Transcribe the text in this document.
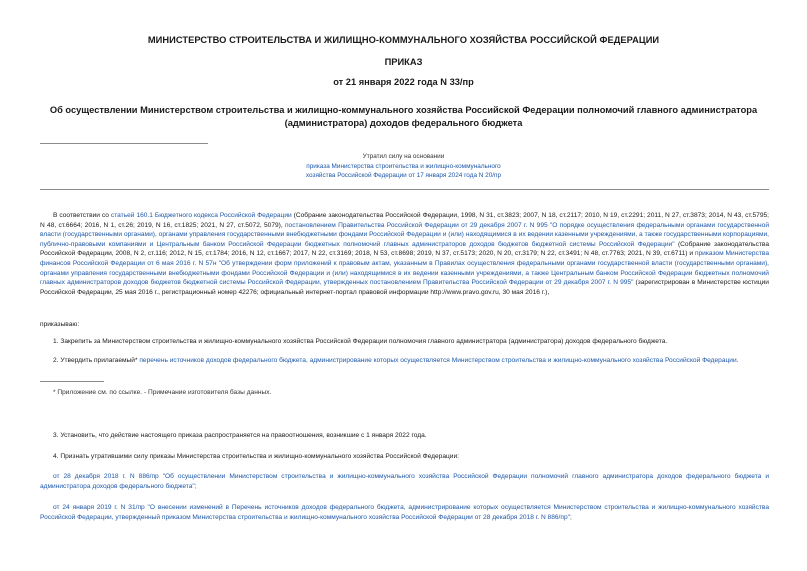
МИНИСТЕРСТВО СТРОИТЕЛЬСТВА И ЖИЛИЩНО-КОММУНАЛЬНОГО ХОЗЯЙСТВА РОССИЙСКОЙ ФЕДЕРАЦИИ
ПРИКАЗ
от 21 января 2022 года N 33/пр
Об осуществлении Министерством строительства и жилищно-коммунального хозяйства Российской Федерации полномочий главного администратора (администратора) доходов федерального бюджета
Утратил силу на основании
приказа Министерства строительства и жилищно-коммунального хозяйства Российской Федерации от 17 января 2024 года N 20/пр
В соответствии со статьей 160.1 Бюджетного кодекса Российской Федерации (Собрание законодательства Российской Федерации, 1998, N 31, ст.3823; 2007, N 18, ст.2117; 2010, N 19, ст.2291; 2011, N 27, ст.3873; 2014, N 43, ст.5795; N 48, ст.6664; 2016, N 1, ст.26; 2019, N 16, ст.1825; 2021, N 27, ст.5072, 5079), постановлением Правительства Российской Федерации от 29 декабря 2007 г. N 995 "О порядке осуществления федеральными органами государственной власти (государственными органами), органами управления государственными внебюджетными фондами Российской Федерации и (или) находящимися в их ведении казенными учреждениями, а также государственными корпорациями, публично-правовыми компаниями и Центральным банком Российской Федерации бюджетных полномочий главных администраторов доходов бюджетов бюджетной системы Российской Федерации" (Собрание законодательства Российской Федерации, 2008, N 2, ст.116; 2012, N 15, ст.1784; 2016, N 12, ст.1667; 2017, N 22, ст.3169; 2018, N 53, ст.8698; 2019, N 37, ст.5173; 2020, N 20, ст.3179; N 22, ст.3491; N 48, ст.7763; 2021, N 39, ст.6711) и приказом Министерства финансов Российской Федерации от 6 мая 2016 г. N 57н "Об утверждении форм приложений к правовым актам, указанным в Правилах осуществления федеральными органами государственной власти (государственными органами), органами управления государственными внебюджетными фондами Российской Федерации и (или) находящимися в их ведении казенными учреждениями, а также Центральным банком Российской Федерации бюджетных полномочий главных администраторов доходов бюджетов бюджетной системы Российской Федерации, утвержденных постановлением Правительства Российской Федерации от 29 декабря 2007 г. N 995" (зарегистрирован в Министерстве юстиции Российской Федерации, 25 мая 2016 г., регистрационный номер 42276; официальный интернет-портал правовой информации http://www.pravo.gov.ru, 30 мая 2016 г.),
приказываю:
1. Закрепить за Министерством строительства и жилищно-коммунального хозяйства Российской Федерации полномочия главного администратора (администратора) доходов федерального бюджета.
2. Утвердить прилагаемый* перечень источников доходов федерального бюджета, администрирование которых осуществляется Министерством строительства и жилищно-коммунального хозяйства Российской Федерации.
* Приложение см. по ссылке. - Примечание изготовителя базы данных.
3. Установить, что действие настоящего приказа распространяется на правоотношения, возникшие с 1 января 2022 года.
4. Признать утратившими силу приказы Министерства строительства и жилищно-коммунального хозяйства Российской Федерации:
от 28 декабря 2018 г. N 886/пр "Об осуществлении Министерством строительства и жилищно-коммунального хозяйства Российской Федерации полномочий главного администратора доходов федерального бюджета и администратора доходов федерального бюджета";
от 24 января 2019 г. N 31/пр "О внесении изменений в Перечень источников доходов федерального бюджета, администрирование которых осуществляется Министерством строительства и жилищно-коммунального хозяйства Российской Федерации, утвержденный приказом Министерства строительства и жилищно-коммунального хозяйства Российской Федерации от 28 декабря 2018 г. N 886/пр";
